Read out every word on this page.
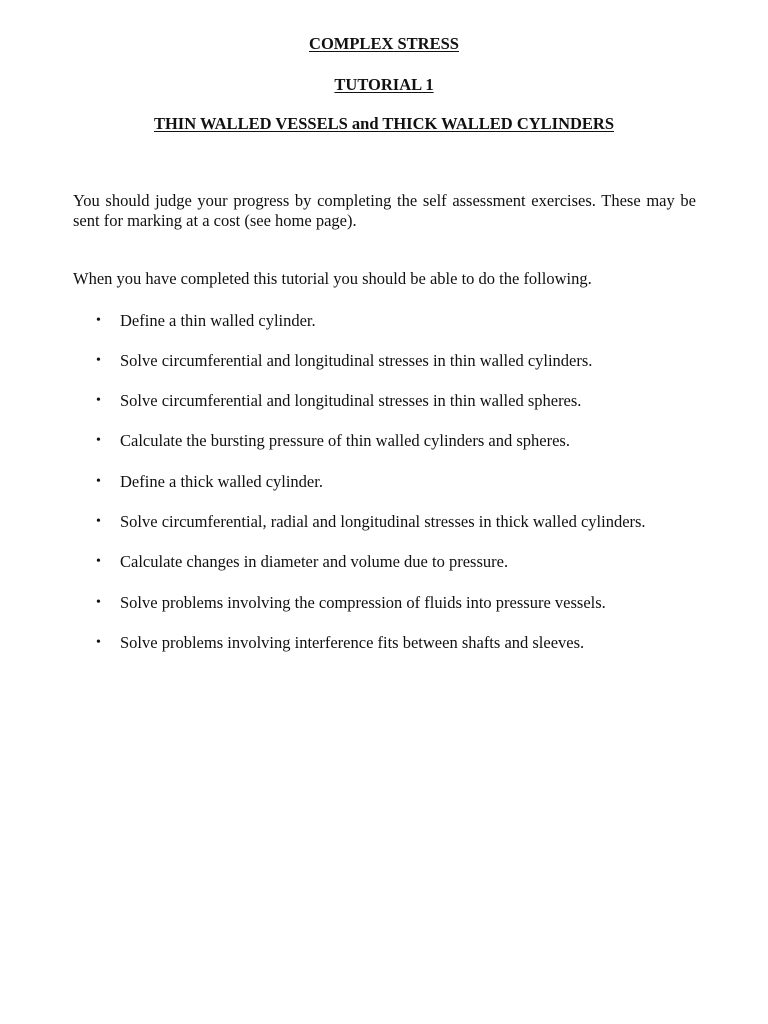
COMPLEX STRESS
TUTORIAL 1
THIN WALLED VESSELS and THICK WALLED CYLINDERS

You should judge your progress by completing the self assessment exercises. These may be sent for marking at a cost (see home page).

When you have completed this tutorial you should be able to do the following.

•	Define a thin walled cylinder.
•	Solve circumferential and longitudinal stresses in thin walled cylinders.
•	Solve circumferential and longitudinal stresses in thin walled spheres.
•	Calculate the bursting pressure of thin walled cylinders and spheres.
•	Define a thick walled cylinder.
•	Solve circumferential, radial and longitudinal stresses in thick walled cylinders.
•	Calculate changes in diameter and volume due to pressure.
•	Solve problems involving the compression of fluids into pressure vessels.
•	Solve problems involving interference fits between shafts and sleeves.
